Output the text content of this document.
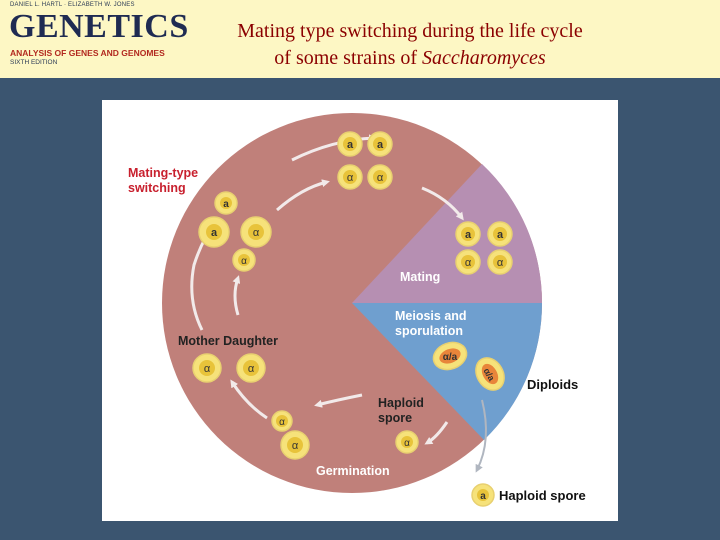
DANIEL L. HARTL · ELIZABETH W. JONES
GENETICS
ANALYSIS OF GENES AND GENOMES
SIXTH EDITION
Mating type switching during the life cycle
of some strains of Saccharomyces
a a
α α
a
a	α
α
a a
α α
α/a
α/a
α	α
α
α	α
a
Mating-type
switching
Mating
Meiosis and
sporulation
Diploids
Mother Daughter
Haploid
spore
Germination
Haploid spore
